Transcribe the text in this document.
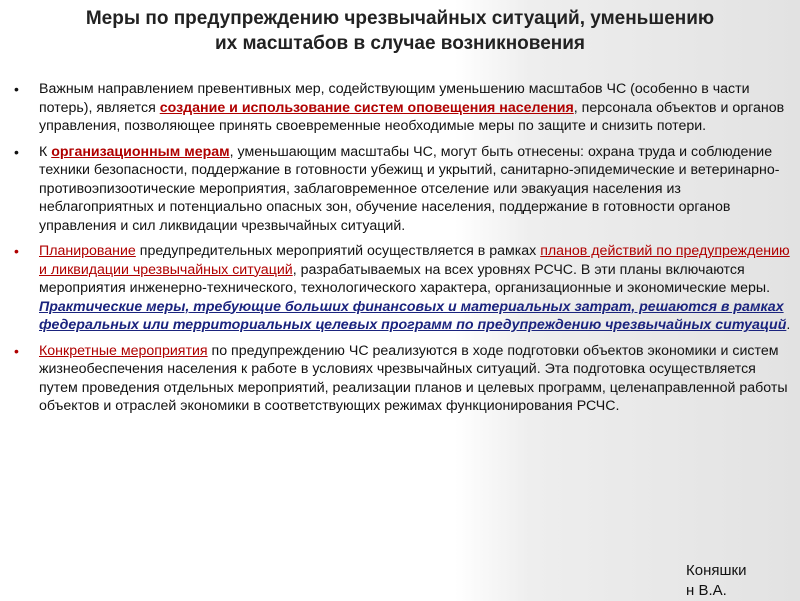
Меры по предупреждению чрезвычайных ситуаций, уменьшению
их масштабов в случае возникновения
• Важным направлением превентивных мер, содействующим уменьшению масштабов ЧС (особенно в части потерь), является создание и использование систем оповещения населения, персонала объектов и органов управления, позволяющее принять своевременные необходимые меры по защите и снизить потери.
• К организационным мерам, уменьшающим масштабы ЧС, могут быть отнесены: охрана труда и соблюдение техники безопасности, поддержание в готовности убежищ и укрытий, санитарно-эпидемические и ветеринарно-противоэпизоотические мероприятия, заблаговременное отселение или эвакуация населения из неблагоприятных и потенциально опасных зон, обучение населения, поддержание в готовности органов управления и сил ликвидации чрезвычайных ситуаций.
• Планирование предупредительных мероприятий осуществляется в рамках планов действий по предупреждению и ликвидации чрезвычайных ситуаций, разрабатываемых на всех уровнях РСЧС. В эти планы включаются мероприятия инженерно-технического, технологического характера, организационные и экономические меры. Практические меры, требующие больших финансовых и материальных затрат, решаются в рамках федеральных или территориальных целевых программ по предупреждению чрезвычайных ситуаций.
• Конкретные мероприятия по предупреждению ЧС реализуются в ходе подготовки объектов экономики и систем жизнеобеспечения населения к работе в условиях чрезвычайных ситуаций. Эта подготовка осуществляется путем проведения отдельных мероприятий, реализации планов и целевых программ, целенаправленной работы объектов и отраслей экономики в соответствующих режимах функционирования РСЧС.
Коняшки
н В.А.
